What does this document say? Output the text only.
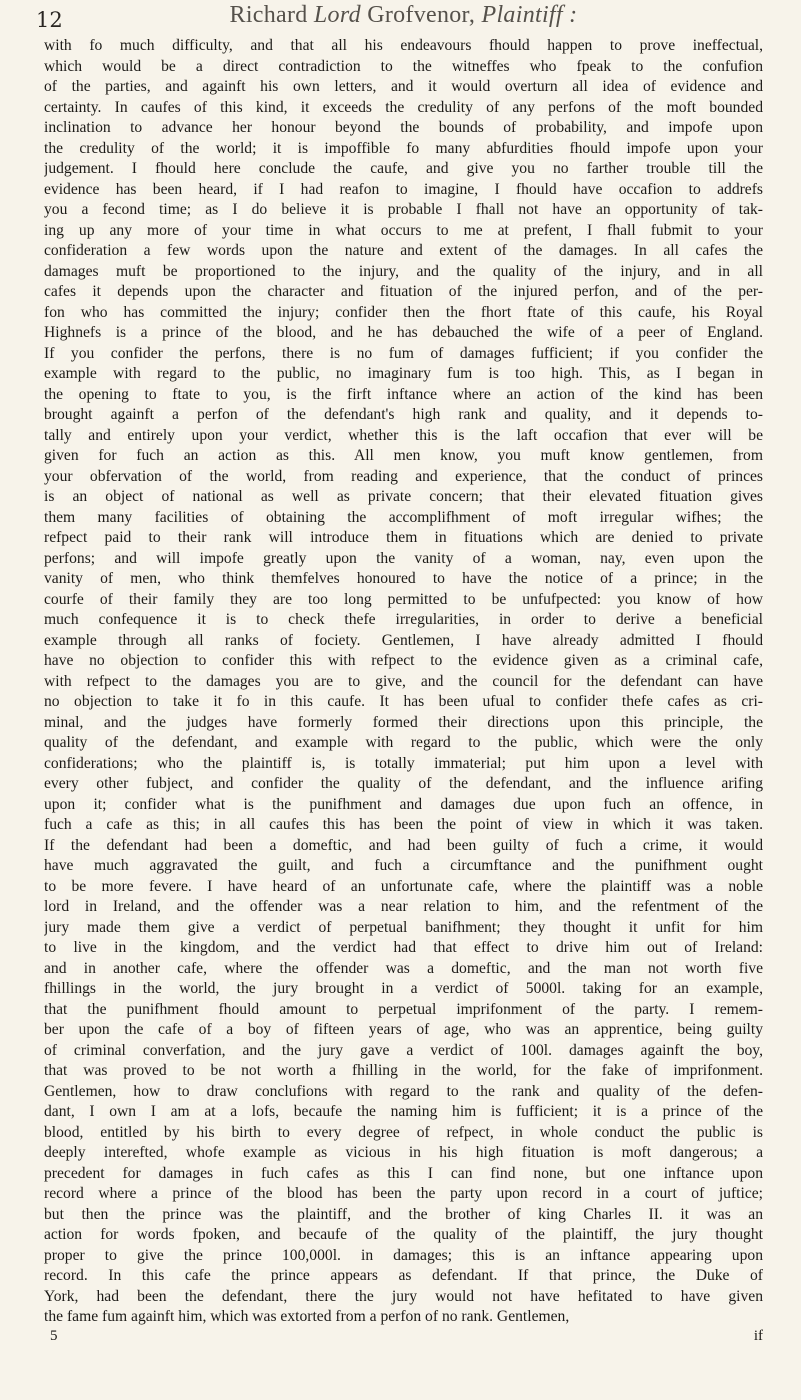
12	Richard Lord Grofvenor, Plaintiff :
with fo much difficulty, and that all his endeavours fhould happen to prove ineffectual,
which would be a direct contradiction to the witneffes who fpeak to the confufion
of the parties, and againft his own letters, and it would overturn all idea of evidence and
certainty. In caufes of this kind, it exceeds the credulity of any perfons of the moft bounded
inclination to advance her honour beyond the bounds of probability, and impofe upon
the credulity of the world; it is impoffible fo many abfurdities fhould impofe upon your
judgement. I fhould here conclude the caufe, and give you no farther trouble till the
evidence has been heard, if I had reafon to imagine, I fhould have occafion to addrefs
you a fecond time; as I do believe it is probable I fhall not have an opportunity of tak-
ing up any more of your time in what occurs to me at prefent, I fhall fubmit to your
confideration a few words upon the nature and extent of the damages. In all cafes the
damages muft be proportioned to the injury, and the quality of the injury, and in all
cafes it depends upon the character and fituation of the injured perfon, and of the per-
fon who has committed the injury; confider then the fhort ftate of this caufe, his Royal
Highnefs is a prince of the blood, and he has debauched the wife of a peer of England.
If you confider the perfons, there is no fum of damages fufficient; if you confider the
example with regard to the public, no imaginary fum is too high. This, as I began in
the opening to ftate to you, is the firft inftance where an action of the kind has been
brought againft a perfon of the defendant's high rank and quality, and it depends to-
tally and entirely upon your verdict, whether this is the laft occafion that ever will be
given for fuch an action as this. All men know, you muft know gentlemen, from
your obfervation of the world, from reading and experience, that the conduct of princes
is an object of national as well as private concern; that their elevated fituation gives
them many facilities of obtaining the accomplifhment of moft irregular wifhes; the
refpect paid to their rank will introduce them in fituations which are denied to private
perfons; and will impofe greatly upon the vanity of a woman, nay, even upon the
vanity of men, who think themfelves honoured to have the notice of a prince; in the
courfe of their family they are too long permitted to be unfufpected: you know of how
much confequence it is to check thefe irregularities, in order to derive a beneficial
example through all ranks of fociety. Gentlemen, I have already admitted I fhould
have no objection to confider this with refpect to the evidence given as a criminal cafe,
with refpect to the damages you are to give, and the council for the defendant can have
no objection to take it fo in this caufe. It has been ufual to confider thefe cafes as cri-
minal, and the judges have formerly formed their directions upon this principle, the
quality of the defendant, and example with regard to the public, which were the only
confiderations; who the plaintiff is, is totally immaterial; put him upon a level with
every other fubject, and confider the quality of the defendant, and the influence arifing
upon it; confider what is the punifhment and damages due upon fuch an offence, in
fuch a cafe as this; in all caufes this has been the point of view in which it was taken.
If the defendant had been a domeftic, and had been guilty of fuch a crime, it would
have much aggravated the guilt, and fuch a circumftance and the punifhment ought
to be more fevere. I have heard of an unfortunate cafe, where the plaintiff was a noble
lord in Ireland, and the offender was a near relation to him, and the refentment of the
jury made them give a verdict of perpetual banifhment; they thought it unfit for him
to live in the kingdom, and the verdict had that effect to drive him out of Ireland:
and in another cafe, where the offender was a domeftic, and the man not worth five
fhillings in the world, the jury brought in a verdict of 5000l. taking for an example,
that the punifhment fhould amount to perpetual imprifonment of the party. I remem-
ber upon the cafe of a boy of fifteen years of age, who was an apprentice, being guilty
of criminal converfation, and the jury gave a verdict of 100l. damages againft the boy,
that was proved to be not worth a fhilling in the world, for the fake of imprifonment.
Gentlemen, how to draw conclufions with regard to the rank and quality of the defen-
dant, I own I am at a lofs, becaufe the naming him is fufficient; it is a prince of the
blood, entitled by his birth to every degree of refpect, in whole conduct the public is
deeply interefted, whofe example as vicious in his high fituation is moft dangerous; a
precedent for damages in fuch cafes as this I can find none, but one inftance upon
record where a prince of the blood has been the party upon record in a court of juftice;
but then the prince was the plaintiff, and the brother of king Charles II. it was an
action for words fpoken, and becaufe of the quality of the plaintiff, the jury thought
proper to give the prince 100,000l. in damages; this is an inftance appearing upon
record. In this cafe the prince appears as defendant. If that prince, the Duke of
York, had been the defendant, there the jury would not have hefitated to have given
the fame fum againft him, which was extorted from a perfon of no rank. Gentlemen,
5	if
